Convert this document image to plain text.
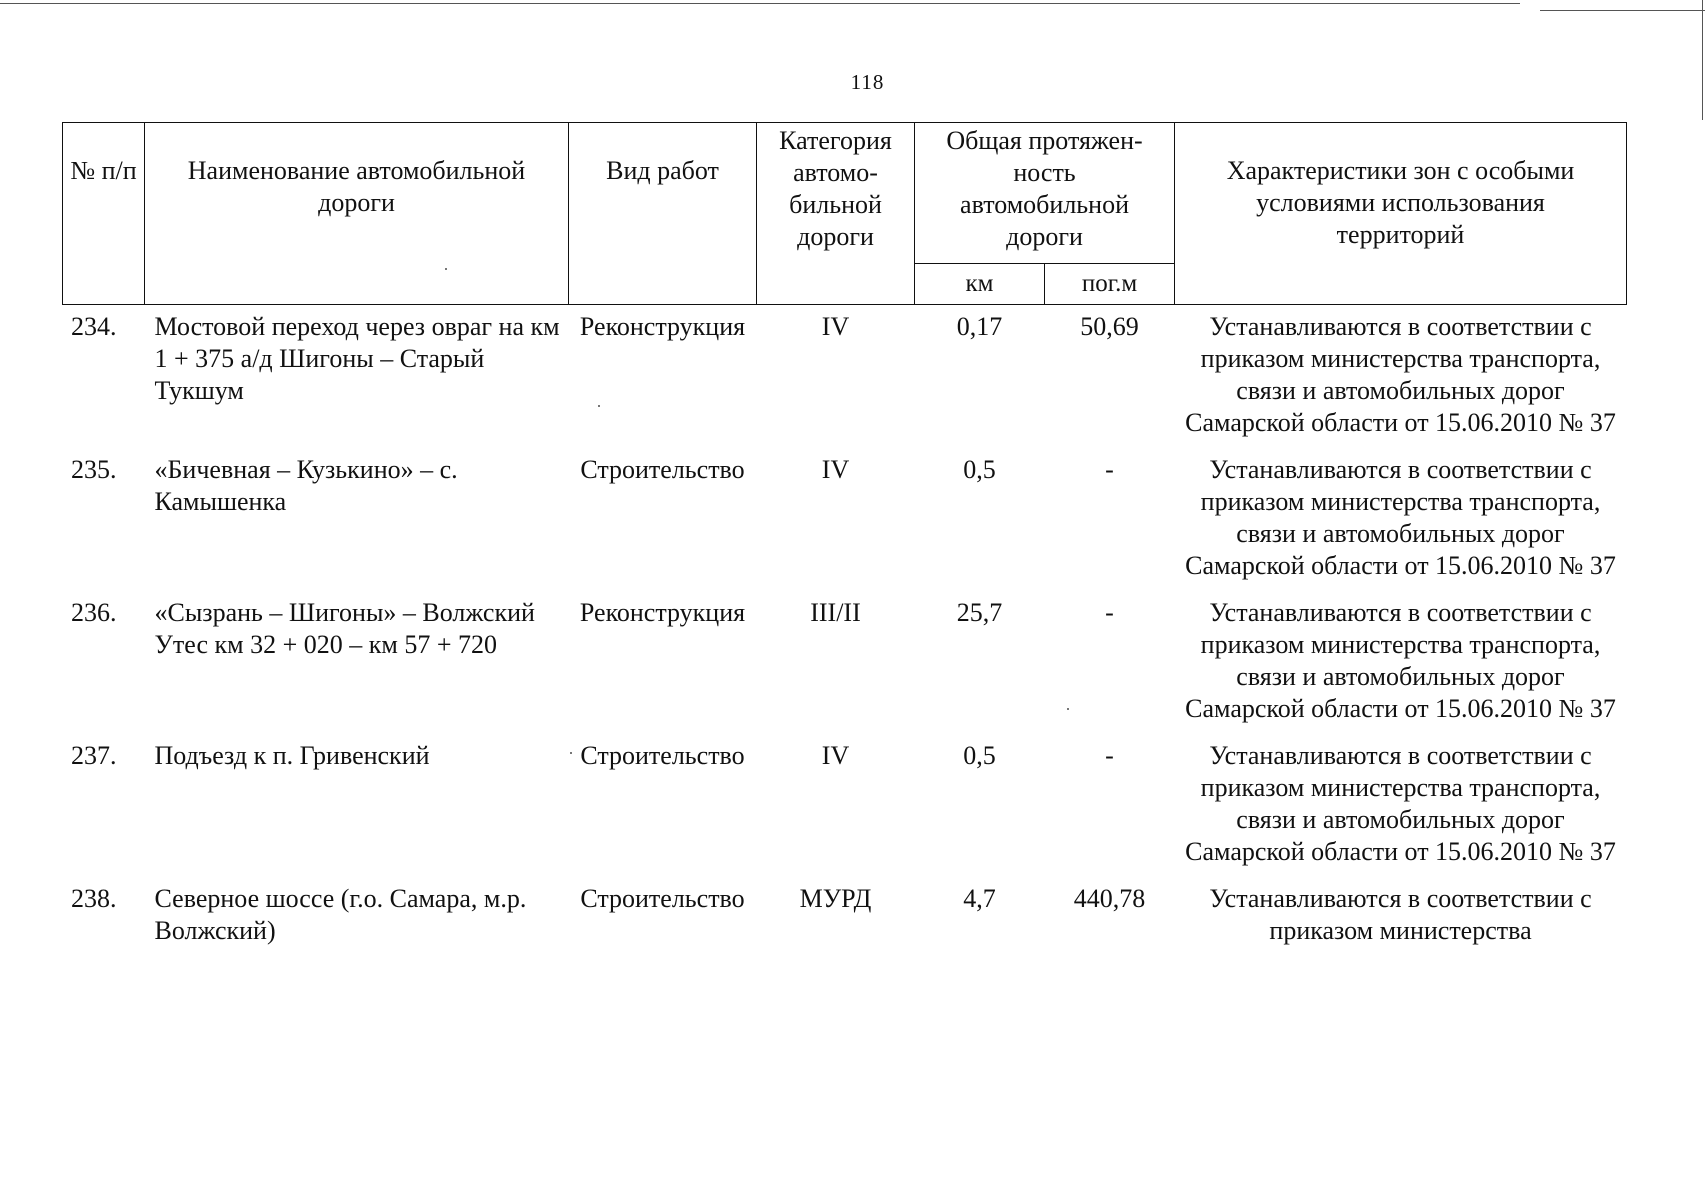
118
№ п/п	Наименование автомобильной дороги	Вид работ	Категория автомо-бильной дороги	Общая протяжен-ность автомобильной дороги		Характеристики зон с особыми условиями использования территорий
				км	пог.м	
234.	Мостовой переход через овраг на км 1 + 375 а/д Шигоны – Старый Тукшум	Реконструкция	IV	0,17	50,69	Устанавливаются в соответствии с приказом министерства транспорта, связи и автомобильных дорог Самарской области от 15.06.2010 № 37
235.	«Бичевная – Кузькино» – с. Камышенка	Строительство	IV	0,5	-	Устанавливаются в соответствии с приказом министерства транспорта, связи и автомобильных дорог Самарской области от 15.06.2010 № 37
236.	«Сызрань – Шигоны» – Волжский Утес км 32 + 020 – км 57 + 720	Реконструкция	III/II	25,7	-	Устанавливаются в соответствии с приказом министерства транспорта, связи и автомобильных дорог Самарской области от 15.06.2010 № 37
237.	Подъезд к п. Гривенский	Строительство	IV	0,5	-	Устанавливаются в соответствии с приказом министерства транспорта, связи и автомобильных дорог Самарской области от 15.06.2010 № 37
238.	Северное шоссе (г.о. Самара, м.р. Волжский)	Строительство	МУРД	4,7	440,78	Устанавливаются в соответствии с приказом министерства
